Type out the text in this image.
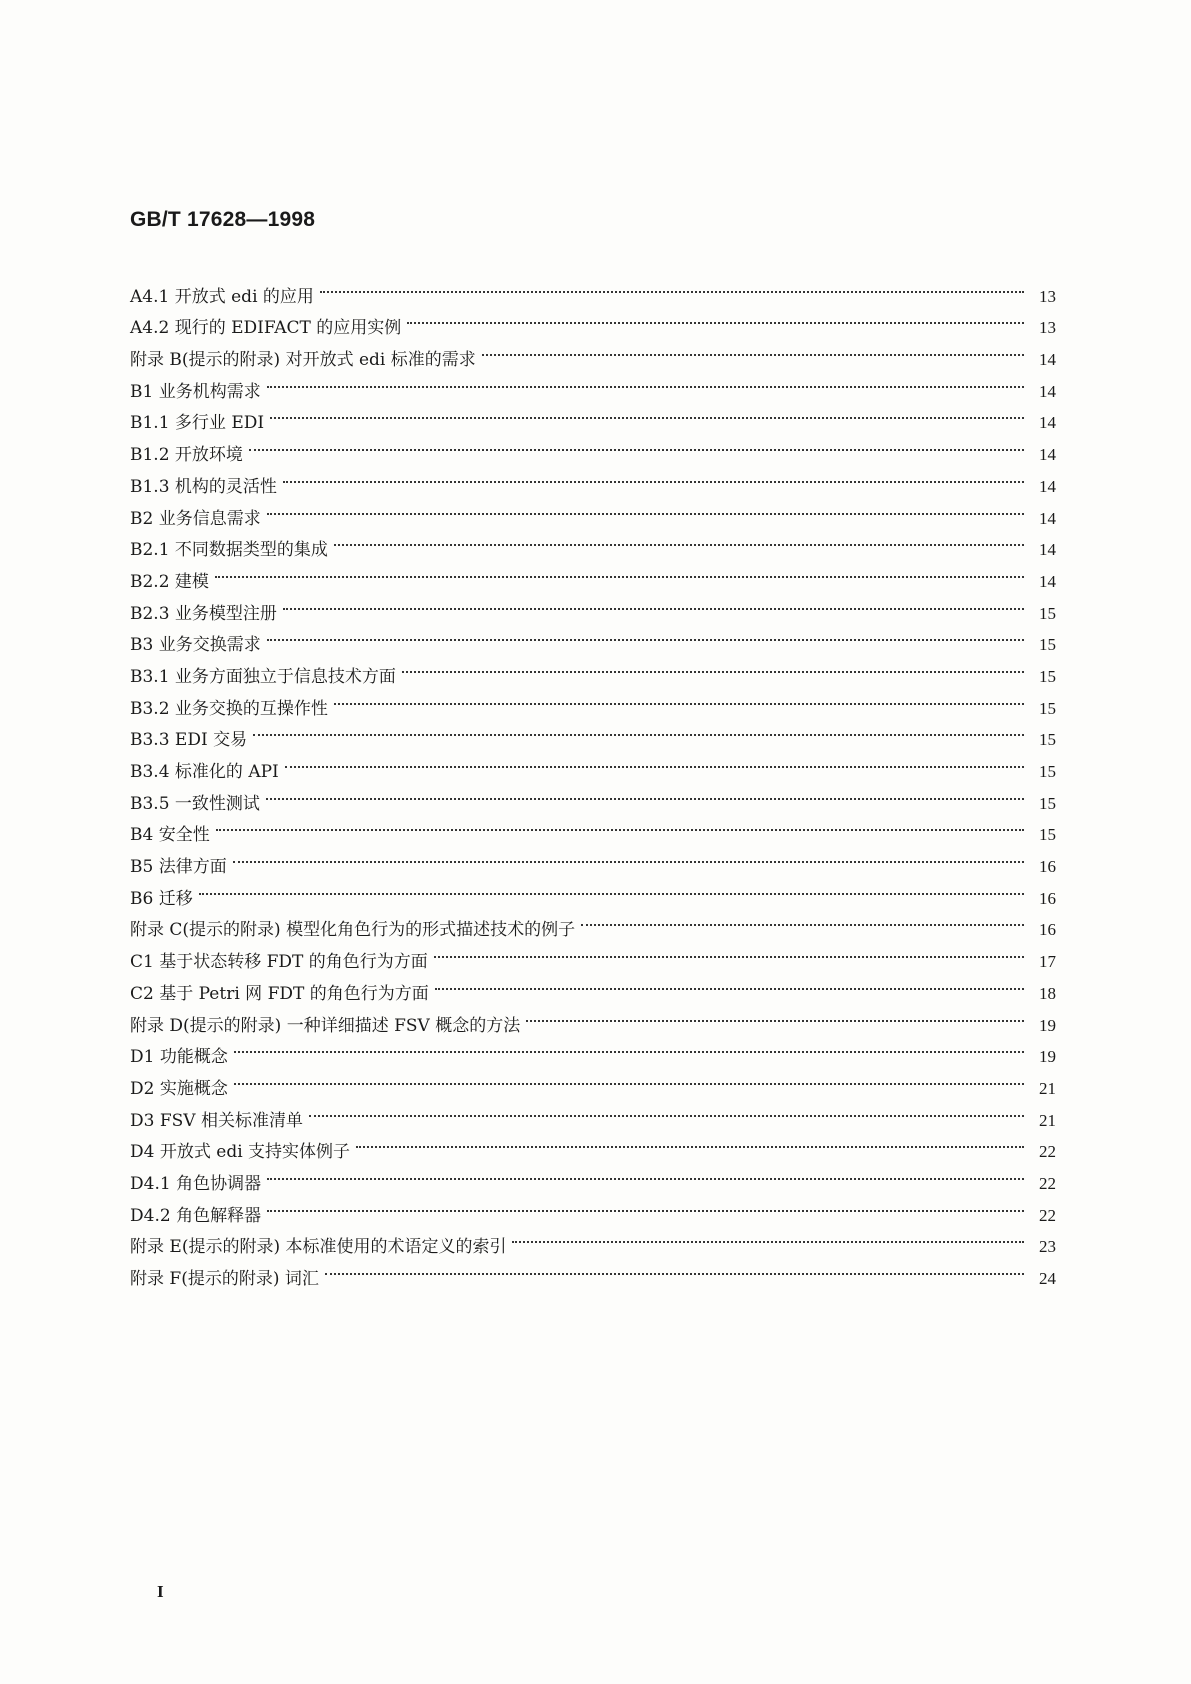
GB/T 17628—1998
A4.1 开放式 edi 的应用	13
A4.2 现行的 EDIFACT 的应用实例	13
附录 B(提示的附录) 对开放式 edi 标准的需求	14
B1 业务机构需求	14
B1.1 多行业 EDI	14
B1.2 开放环境	14
B1.3 机构的灵活性	14
B2 业务信息需求	14
B2.1 不同数据类型的集成	14
B2.2 建模	14
B2.3 业务模型注册	15
B3 业务交换需求	15
B3.1 业务方面独立于信息技术方面	15
B3.2 业务交换的互操作性	15
B3.3 EDI 交易	15
B3.4 标准化的 API	15
B3.5 一致性测试	15
B4 安全性	15
B5 法律方面	16
B6 迁移	16
附录 C(提示的附录) 模型化角色行为的形式描述技术的例子	16
C1 基于状态转移 FDT 的角色行为方面	17
C2 基于 Petri 网 FDT 的角色行为方面	18
附录 D(提示的附录) 一种详细描述 FSV 概念的方法	19
D1 功能概念	19
D2 实施概念	21
D3 FSV 相关标准清单	21
D4 开放式 edi 支持实体例子	22
D4.1 角色协调器	22
D4.2 角色解释器	22
附录 E(提示的附录) 本标准使用的术语定义的索引	23
附录 F(提示的附录) 词汇	24
I
